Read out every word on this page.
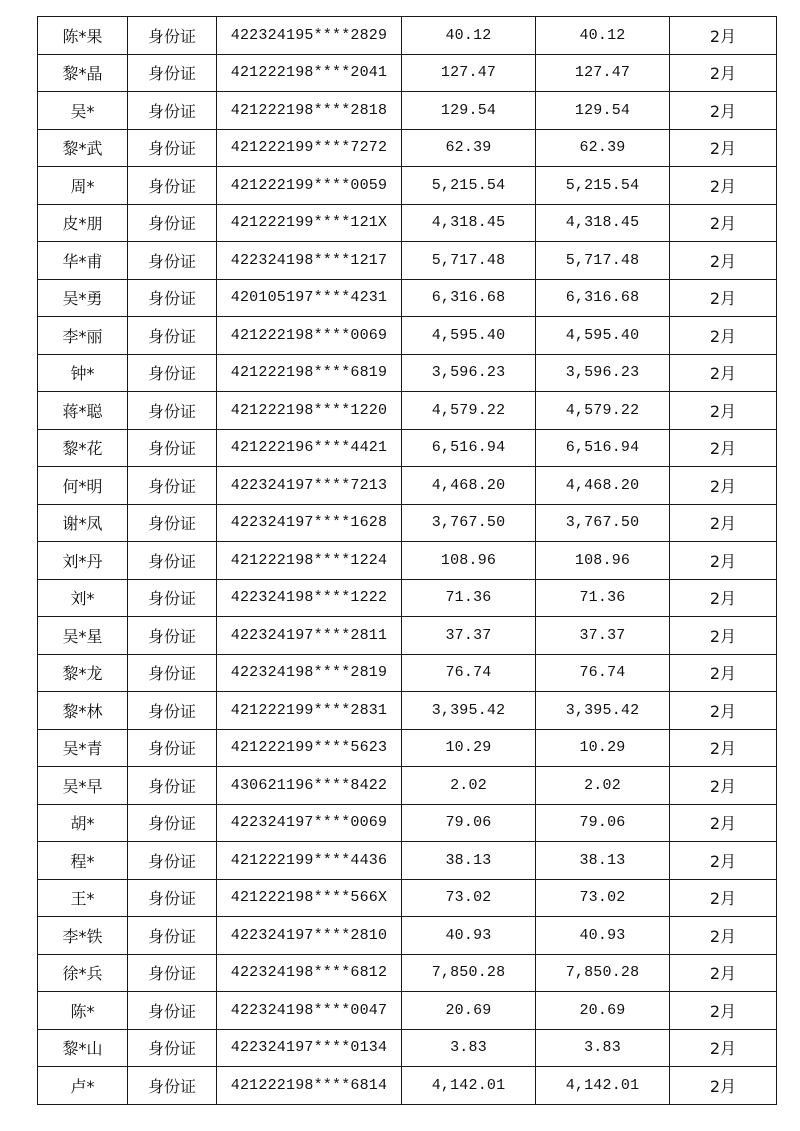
陈*果	身份证	422324195****2829	40.12	40.12	2月
黎*晶	身份证	421222198****2041	127.47	127.47	2月
吴*	身份证	421222198****2818	129.54	129.54	2月
黎*武	身份证	421222199****7272	62.39	62.39	2月
周*	身份证	421222199****0059	5,215.54	5,215.54	2月
皮*朋	身份证	421222199****121X	4,318.45	4,318.45	2月
华*甫	身份证	422324198****1217	5,717.48	5,717.48	2月
吴*勇	身份证	420105197****4231	6,316.68	6,316.68	2月
李*丽	身份证	421222198****0069	4,595.40	4,595.40	2月
钟*	身份证	421222198****6819	3,596.23	3,596.23	2月
蒋*聪	身份证	421222198****1220	4,579.22	4,579.22	2月
黎*花	身份证	421222196****4421	6,516.94	6,516.94	2月
何*明	身份证	422324197****7213	4,468.20	4,468.20	2月
谢*凤	身份证	422324197****1628	3,767.50	3,767.50	2月
刘*丹	身份证	421222198****1224	108.96	108.96	2月
刘*	身份证	422324198****1222	71.36	71.36	2月
吴*星	身份证	422324197****2811	37.37	37.37	2月
黎*龙	身份证	422324198****2819	76.74	76.74	2月
黎*林	身份证	421222199****2831	3,395.42	3,395.42	2月
吴*青	身份证	421222199****5623	10.29	10.29	2月
吴*早	身份证	430621196****8422	2.02	2.02	2月
胡*	身份证	422324197****0069	79.06	79.06	2月
程*	身份证	421222199****4436	38.13	38.13	2月
王*	身份证	421222198****566X	73.02	73.02	2月
李*铁	身份证	422324197****2810	40.93	40.93	2月
徐*兵	身份证	422324198****6812	7,850.28	7,850.28	2月
陈*	身份证	422324198****0047	20.69	20.69	2月
黎*山	身份证	422324197****0134	3.83	3.83	2月
卢*	身份证	421222198****6814	4,142.01	4,142.01	2月
